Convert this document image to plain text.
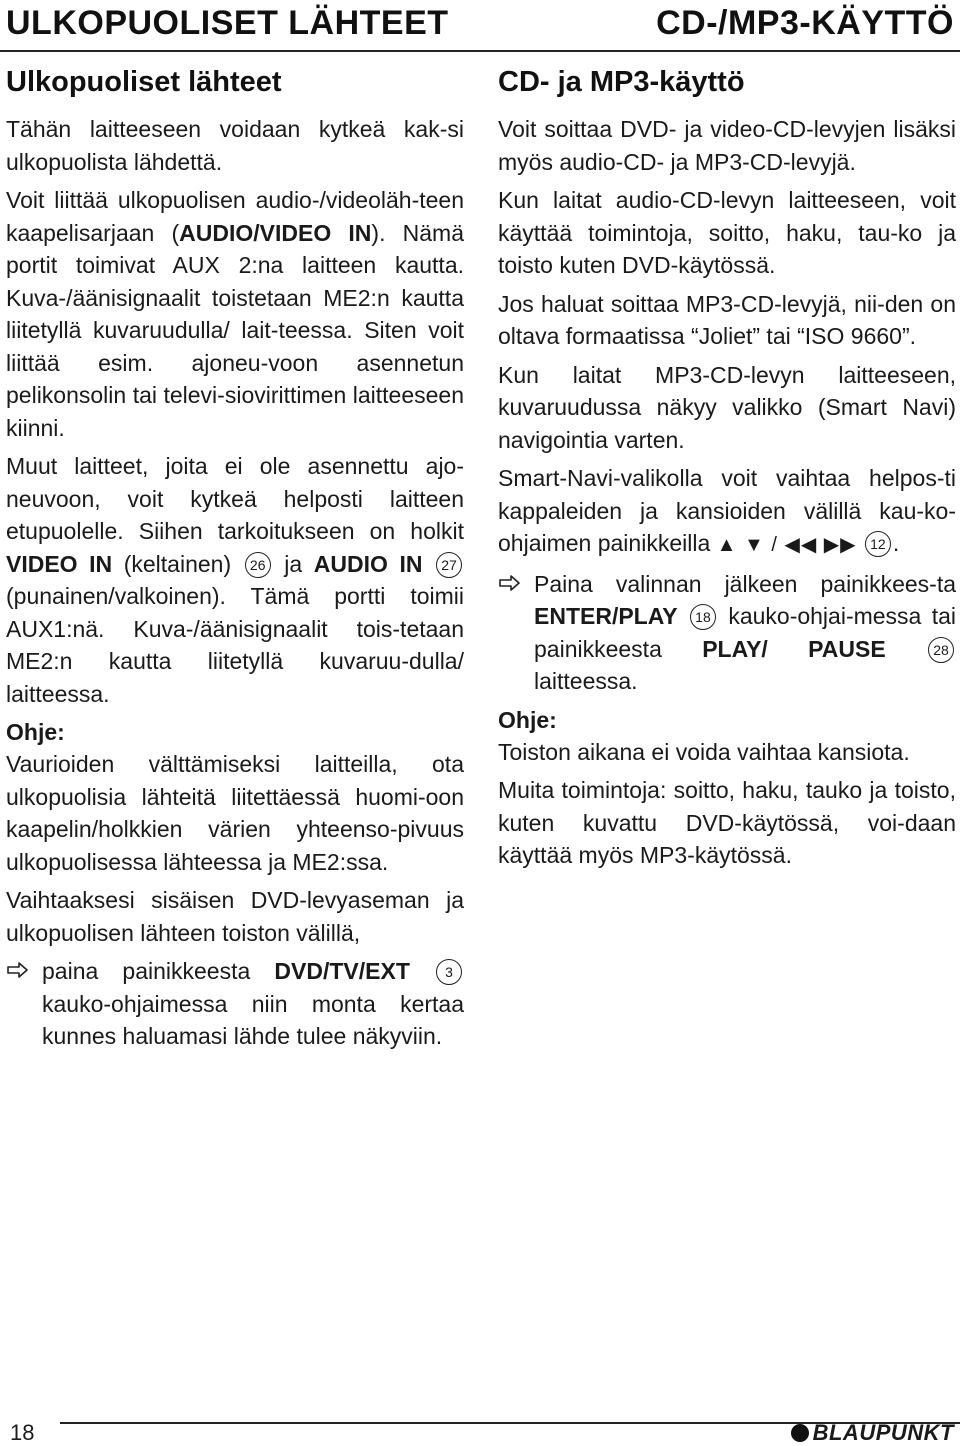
ULKOPUOLISET LÄHTEET	CD-/MP3-KÄYTTÖ
Ulkopuoliset lähteet

Tähän laitteeseen voidaan kytkeä kak-si ulkopuolista lähdettä.

Voit liittää ulkopuolisen audio-/videoläh-teen kaapelisarjaan (AUDIO/VIDEO IN). Nämä portit toimivat AUX 2:na laitteen kautta. Kuva-/äänisignaalit toistetaan ME2:n kautta liitetyllä kuvaruudulla/ lait-teessa. Siten voit liittää esim. ajoneu-voon asennetun pelikonsolin tai televi-siovirittimen laitteeseen kiinni.

Muut laitteet, joita ei ole asennettu ajo-neuvoon, voit kytkeä helposti laitteen etupuolelle. Siihen tarkoitukseen on holkit VIDEO IN (keltainen) 26 ja AUDIO IN 27 (punainen/valkoinen). Tämä portti toimii AUX1:nä. Kuva-/äänisignaalit tois-tetaan ME2:n kautta liitetyllä kuvaruu-dulla/ laitteessa.

Ohje:

Vaurioiden välttämiseksi laitteilla, ota ulkopuolisia lähteitä liitettäessä huomi-oon kaapelin/holkkien värien yhteenso-pivuus ulkopuolisessa lähteessa ja ME2:ssa.

Vaihtaaksesi sisäisen DVD-levyaseman ja ulkopuolisen lähteen toiston välillä,

paina painikkeesta DVD/TV/EXT	3 kauko-ohjaimessa niin monta kertaa kunnes haluamasi lähde tulee näkyviin.

CD- ja MP3-käyttö

Voit soittaa DVD- ja video-CD-levyjen lisäksi myös audio-CD- ja MP3-CD-levyjä.

Kun laitat audio-CD-levyn laitteeseen, voit käyttää toimintoja, soitto, haku, tau-ko ja toisto kuten DVD-käytössä.

Jos haluat soittaa MP3-CD-levyjä, nii-den on oltava formaatissa “Joliet” tai “ISO 9660”.

Kun laitat MP3-CD-levyn laitteeseen, kuvaruudussa näkyy valikko (Smart Navi) navigointia varten.

Smart-Navi-valikolla voit vaihtaa helpos-ti kappaleiden ja kansioiden välillä kau-ko-ohjaimen painikkeilla ▲ ▼ / ◀◀ ▶▶ 12 .

Paina valinnan jälkeen painikkees-ta ENTER/PLAY 18 kauko-ohjai-messa tai painikkeesta PLAY/ PAUSE	28 laitteessa.

Ohje:

Toiston aikana ei voida vaihtaa kansiota.

Muita toimintoja: soitto, haku, tauko ja toisto, kuten kuvattu DVD-käytössä, voi-daan käyttää myös MP3-käytössä.

18	BLAUPUNKT
